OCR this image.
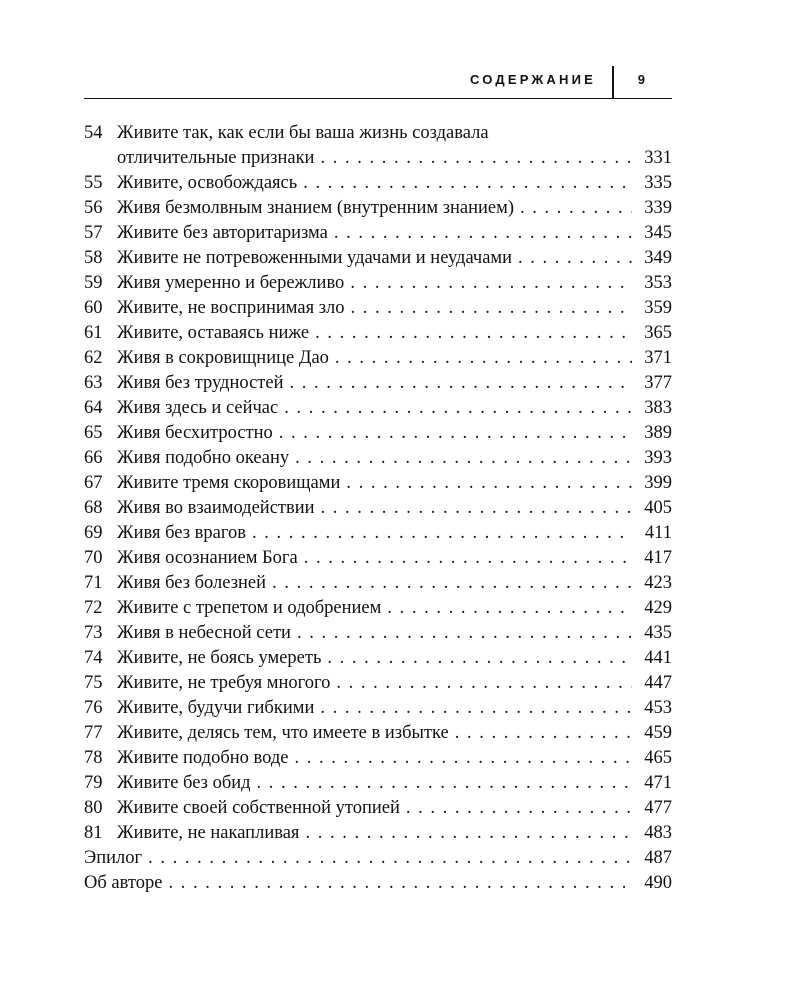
СОДЕРЖАНИЕ	9
54 Живите так, как если бы ваша жизнь создавала
отличительные признаки . . .	331
55 Живите, освобождаясь . . .	335
56 Живя безмолвным знанием (внутренним знанием) . . .	339
57 Живите без авторитаризма . . .	345
58 Живите не потревоженными удачами и неудачами . . .	349
59 Живя умеренно и бережливо . . .	353
60 Живите, не воспринимая зло . . .	359
61 Живите, оставаясь ниже . . .	365
62 Живя в сокровищнице Дао . . .	371
63 Живя без трудностей . . .	377
64 Живя здесь и сейчас . . .	383
65 Живя бесхитростно . . .	389
66 Живя подобно океану . . .	393
67 Живите тремя скоровищами . . .	399
68 Живя во взаимодействии . . .	405
69 Живя без врагов . . .	411
70 Живя осознанием Бога . . .	417
71 Живя без болезней . . .	423
72 Живите с трепетом и одобрением . . .	429
73 Живя в небесной сети . . .	435
74 Живите, не боясь умереть . . .	441
75 Живите, не требуя многого . . .	447
76 Живите, будучи гибкими . . .	453
77 Живите, делясь тем, что имеете в избытке . . .	459
78 Живите подобно воде . . .	465
79 Живите без обид . . .	471
80 Живите своей собственной утопией . . .	477
81 Живите, не накапливая . . .	483
Эпилог . . .	487
Об авторе . . .	490
